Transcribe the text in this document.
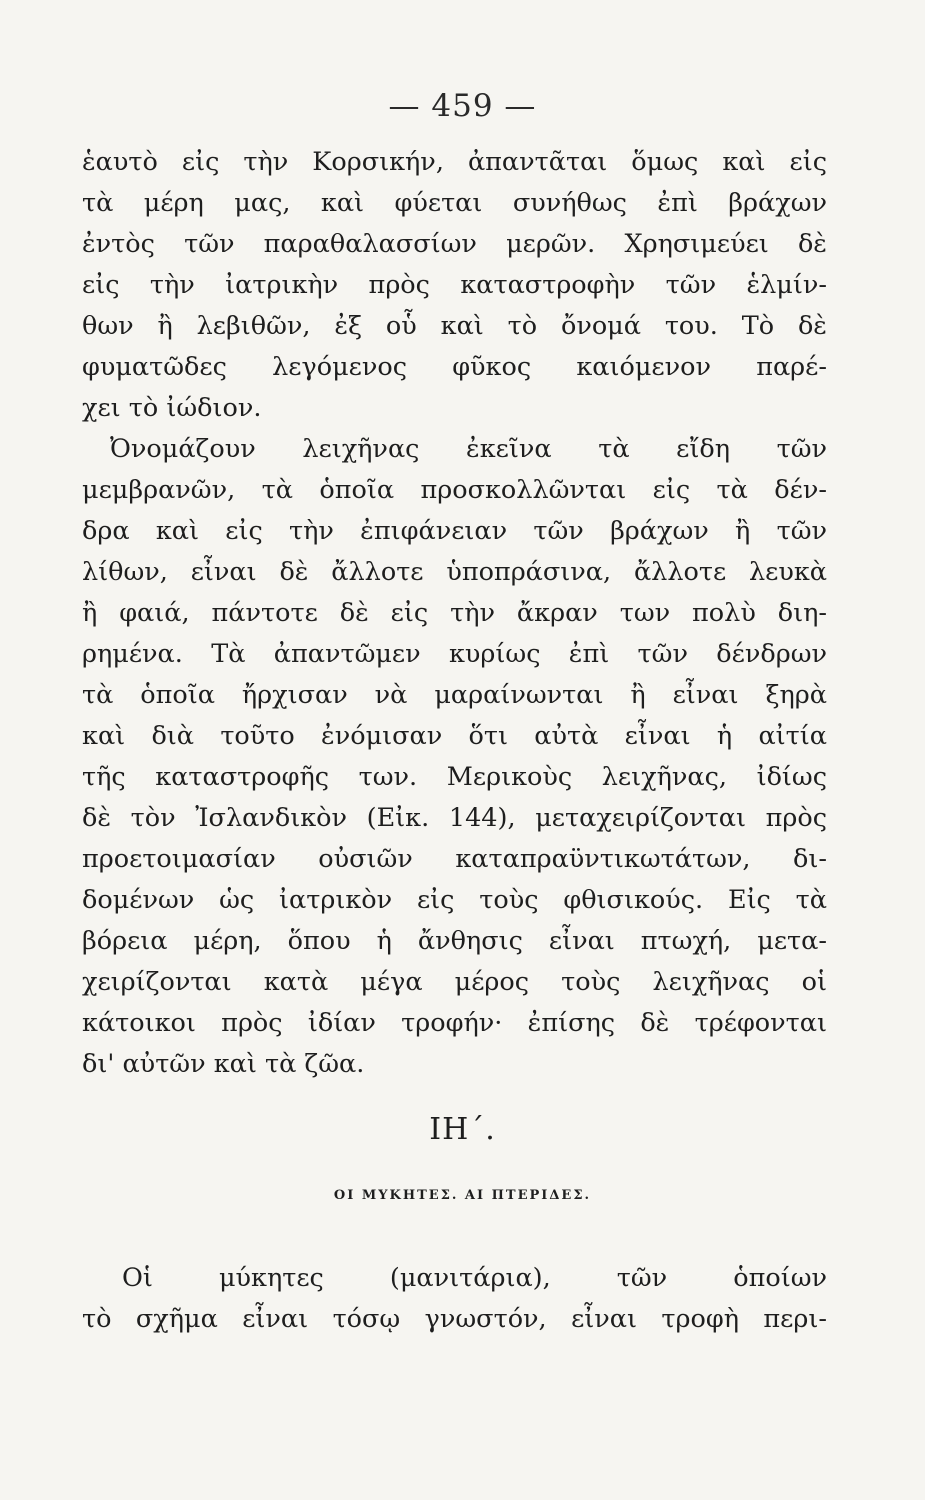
— 459 —
ἑαυτὸ εἰς τὴν Κορσικήν, ἀπαντᾶται ὅμως καὶ εἰς
τὰ μέρη μας, καὶ φύεται συνήθως ἐπὶ βράχων
ἐντὸς τῶν παραθαλασσίων μερῶν. Χρησιμεύει δὲ
εἰς τὴν ἰατρικὴν πρὸς καταστροφὴν τῶν ἑλμίν-
θων ἢ λεβιθῶν, ἐξ οὗ καὶ τὸ ὄνομά του. Τὸ δὲ
φυματῶδες λεγόμενος φῦκος καιόμενον παρέ-
χει τὸ ἰώδιον.
Ὀνομάζουν λειχῆνας ἐκεῖνα τὰ εἴδη τῶν
μεμβρανῶν, τὰ ὁποῖα προσκολλῶνται εἰς τὰ δέν-
δρα καὶ εἰς τὴν ἐπιφάνειαν τῶν βράχων ἢ τῶν
λίθων, εἶναι δὲ ἄλλοτε ὑποπράσινα, ἄλλοτε λευκὰ
ἢ φαιά, πάντοτε δὲ εἰς τὴν ἄκραν των πολὺ διη-
ρημένα. Τὰ ἀπαντῶμεν κυρίως ἐπὶ τῶν δένδρων
τὰ ὁποῖα ἤρχισαν νὰ μαραίνωνται ἢ εἶναι ξηρὰ
καὶ διὰ τοῦτο ἐνόμισαν ὅτι αὐτὰ εἶναι ἡ αἰτία
τῆς καταστροφῆς των. Μερικοὺς λειχῆνας, ἰδίως
δὲ τὸν Ἰσλανδικὸν (Εἰκ. 144), μεταχειρίζονται πρὸς
προετοιμασίαν οὐσιῶν καταπραϋντικωτάτων, δι-
δομένων ὡς ἰατρικὸν εἰς τοὺς φθισικούς. Εἰς τὰ
βόρεια μέρη, ὅπου ἡ ἄνθησις εἶναι πτωχή, μετα-
χειρίζονται κατὰ μέγα μέρος τοὺς λειχῆνας οἱ
κάτοικοι πρὸς ἰδίαν τροφήν· ἐπίσης δὲ τρέφονται
δι' αὐτῶν καὶ τὰ ζῶα.
ΙΗ΄.
ΟΙ ΜΥΚΗΤΕΣ. ΑΙ ΠΤΕΡΙΔΕΣ.
Οἱ μύκητες (μανιτάρια), τῶν ὁποίων
τὸ σχῆμα εἶναι τόσῳ γνωστόν, εἶναι τροφὴ περι-
